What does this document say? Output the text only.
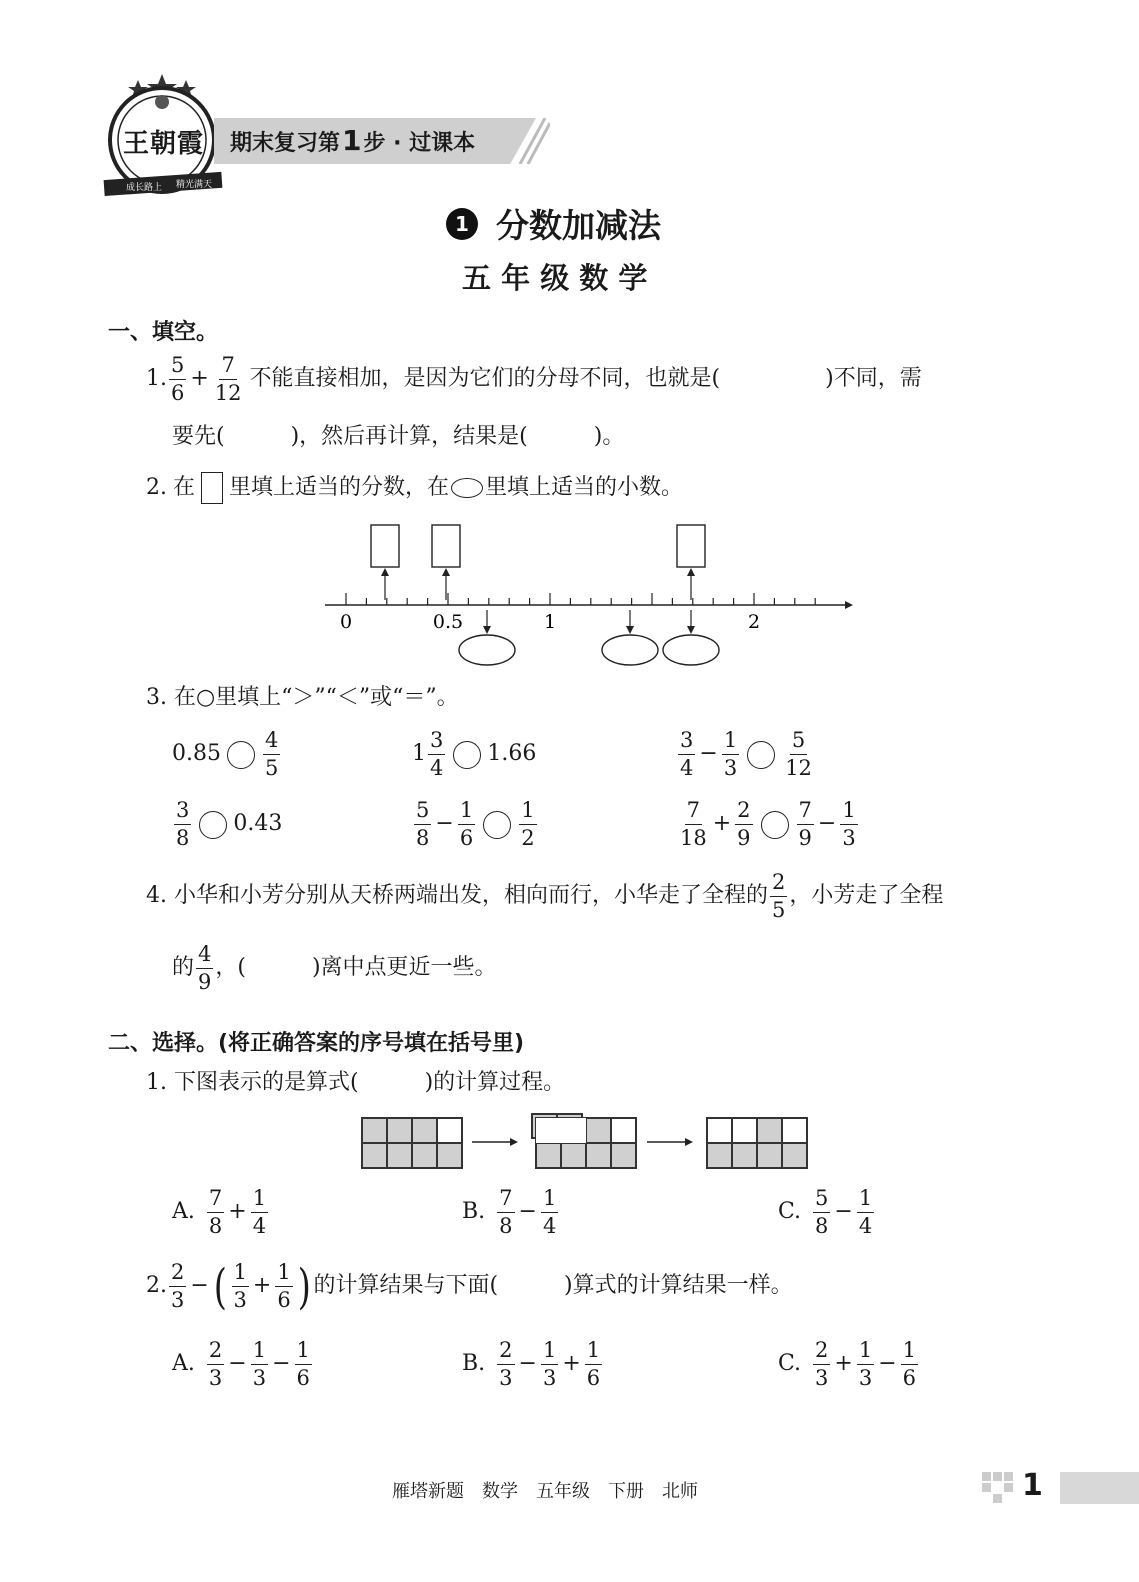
王朝霞
成长路上 精光满天
期末复习第 1 步 · 过课本
1 分数加减法
五 年 级 数 学
一、填空。
1. $\frac{5}{6} + \frac{7}{12}$ 不能直接相加，是因为它们的分母不同，也就是(	)不同，需
要先(　　　)，然后再计算，结果是(　　　)。
2. 在 里填上适当的分数，在 里填上适当的小数。
0	0.5	1	2
3. 在○里填上“＞”“＜”或“＝”。
$0.85 \frac{4}{5}$	$1 \frac{3}{4} 1.66$	$\frac{3}{4} - \frac{1}{3} \frac{5}{12}$
$\frac{3}{8} 0.43$	$\frac{5}{8} - \frac{1}{6} \frac{1}{2}$	$\frac{7}{18} + \frac{2}{9} \frac{7}{9} - \frac{1}{3}$
4. 小华和小芳分别从天桥两端出发，相向而行，小华走了全程的 $\frac{2}{5}$ ，小芳走了全程
的 $\frac{4}{9}$ ，(　　　)离中点更近一些。
二、选择。(将正确答案的序号填在括号里)
1. 下图表示的是算式(　　　)的计算过程。
A. $\frac{7}{8} + \frac{1}{4}$	B. $\frac{7}{8} - \frac{1}{4}$	C. $\frac{5}{8} - \frac{1}{4}$
2. $\frac{2}{3}$ − ( $\frac{1}{3} + \frac{1}{6}$ ) 的计算结果与下面(　　　)算式的计算结果一样。
A. $\frac{2}{3} - \frac{1}{3} - \frac{1}{6}$	B. $\frac{2}{3} - \frac{1}{3} + \frac{1}{6}$	C. $\frac{2}{3} + \frac{1}{3} - \frac{1}{6}$
雁塔新题　数学　五年级　下册　北师	1
